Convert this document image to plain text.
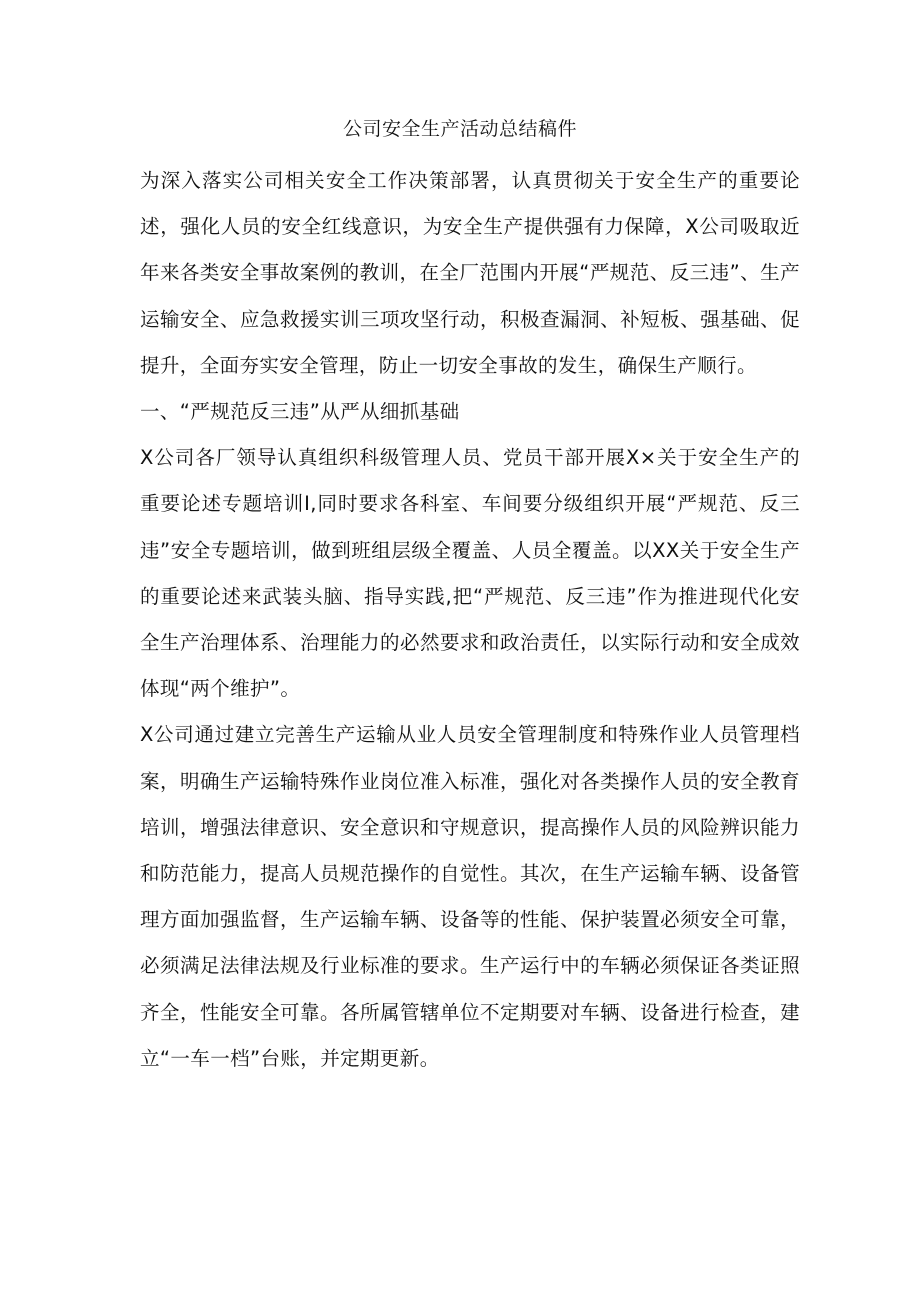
公司安全生产活动总结稿件

为深入落实公司相关安全工作决策部署，认真贯彻关于安全生产的重要论述，强化人员的安全红线意识，为安全生产提供强有力保障，X公司吸取近年来各类安全事故案例的教训，在全厂范围内开展“严规范、反三违”、生产运输安全、应急救援实训三项攻坚行动，积极查漏洞、补短板、强基础、促提升，全面夯实安全管理，防止一切安全事故的发生，确保生产顺行。

一、“严规范反三违”从严从细抓基础

X公司各厂领导认真组织科级管理人员、党员干部开展X×关于安全生产的重要论述专题培训I,同时要求各科室、车间要分级组织开展“严规范、反三违”安全专题培训，做到班组层级全覆盖、人员全覆盖。以XX关于安全生产的重要论述来武装头脑、指导实践,把“严规范、反三违”作为推进现代化安全生产治理体系、治理能力的必然要求和政治责任，以实际行动和安全成效体现“两个维护”。

X公司通过建立完善生产运输从业人员安全管理制度和特殊作业人员管理档案，明确生产运输特殊作业岗位准入标准，强化对各类操作人员的安全教育培训，增强法律意识、安全意识和守规意识，提高操作人员的风险辨识能力和防范能力，提高人员规范操作的自觉性。其次，在生产运输车辆、设备管理方面加强监督，生产运输车辆、设备等的性能、保护装置必须安全可靠，必须满足法律法规及行业标准的要求。生产运行中的车辆必须保证各类证照齐全，性能安全可靠。各所属管辖单位不定期要对车辆、设备进行检查，建立“一车一档”台账，并定期更新。
